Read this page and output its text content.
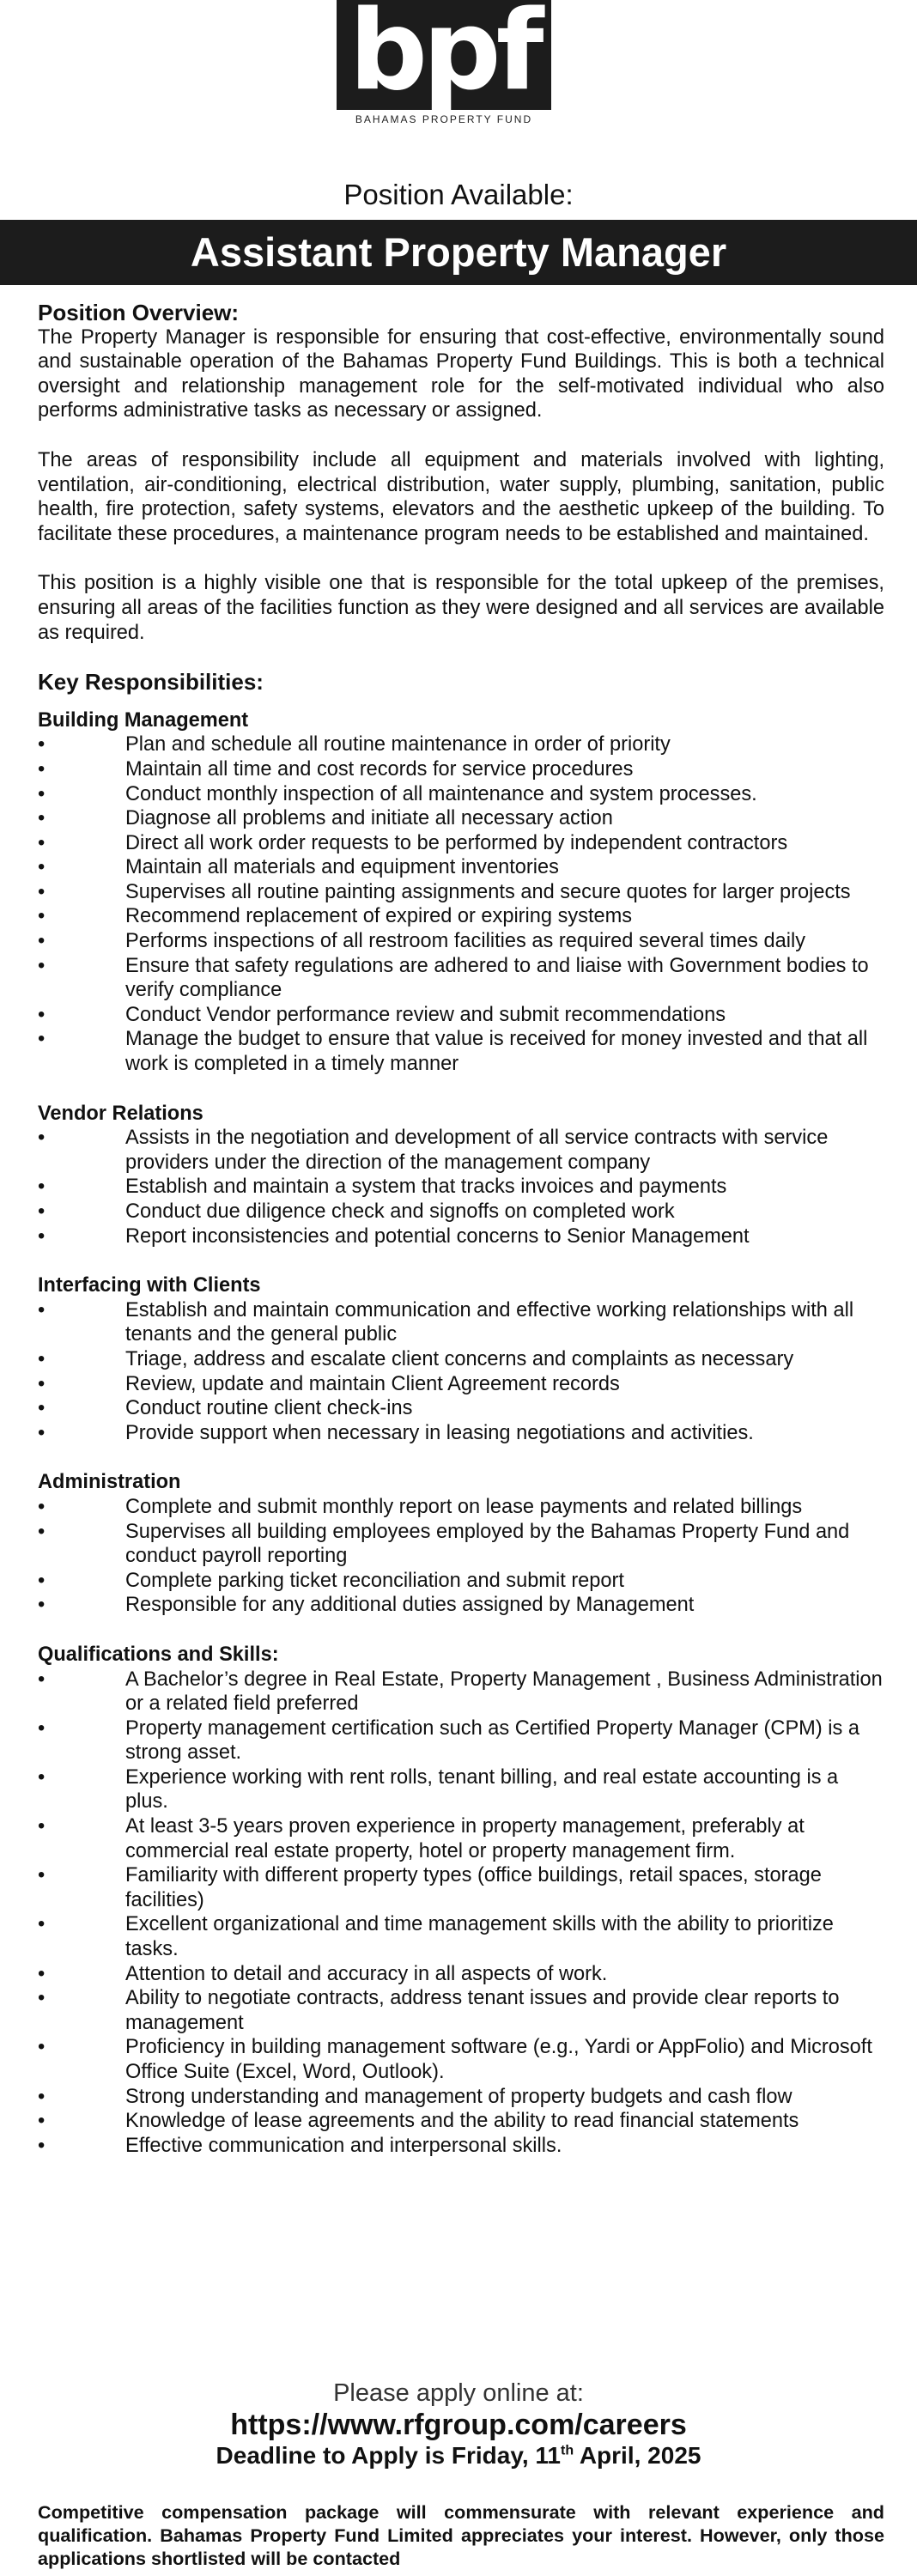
bpf
BAHAMAS PROPERTY FUND
Position Available:
Assistant Property Manager
Position Overview:

The Property Manager is responsible for ensuring that cost-effective, environmentally sound and sustainable operation of the Bahamas Property Fund Buildings. This is both a technical oversight and relationship management role for the self-motivated individual who also performs administrative tasks as necessary or assigned.

The areas of responsibility include all equipment and materials involved with lighting, ventilation, air-conditioning, electrical distribution, water supply, plumbing, sanitation, public health, fire protection, safety systems, elevators and the aesthetic upkeep of the building. To facilitate these procedures, a maintenance program needs to be established and maintained.

This position is a highly visible one that is responsible for the total upkeep of the premises, ensuring all areas of the facilities function as they were designed and all services are available as required.

Key Responsibilities:
Building Management
•	Plan and schedule all routine maintenance in order of priority
•	Maintain all time and cost records for service procedures
•	Conduct monthly inspection of all maintenance and system processes.
•	Diagnose all problems and initiate all necessary action
•	Direct all work order requests to be performed by independent contractors
•	Maintain all materials and equipment inventories
•	Supervises all routine painting assignments and secure quotes for larger projects
•	Recommend replacement of expired or expiring systems
•	Performs inspections of all restroom facilities as required several times daily
•	Ensure that safety regulations are adhered to and liaise with Government bodies to verify compliance
•	Conduct Vendor performance review and submit recommendations
•	Manage the budget to ensure that value is received for money invested and that all work is completed in a timely manner
Vendor Relations
•	Assists in the negotiation and development of all service contracts with service providers under the direction of the management company
•	Establish and maintain a system that tracks invoices and payments
•	Conduct due diligence check and signoffs on completed work
•	Report inconsistencies and potential concerns to Senior Management
Interfacing with Clients
•	Establish and maintain communication and effective working relationships with all tenants and the general public
•	Triage, address and escalate client concerns and complaints as necessary
•	Review, update and maintain Client Agreement records
•	Conduct routine client check-ins
•	Provide support when necessary in leasing negotiations and activities.
Administration
•	Complete and submit monthly report on lease payments and related billings
•	Supervises all building employees employed by the Bahamas Property Fund and conduct payroll reporting
•	Complete parking ticket reconciliation and submit report
•	Responsible for any additional duties assigned by Management
Qualifications and Skills:
•	A Bachelor’s degree in Real Estate, Property Management , Business Administration or a related field preferred
•	Property management certification such as Certified Property Manager (CPM) is a strong asset.
•	Experience working with rent rolls, tenant billing, and real estate accounting is a plus.
•	At least 3-5 years proven experience in property management, preferably at commercial real estate property, hotel or property management firm.
•	Familiarity with different property types (office buildings, retail spaces, storage facilities)
•	Excellent organizational and time management skills with the ability to prioritize tasks.
•	Attention to detail and accuracy in all aspects of work.
•	Ability to negotiate contracts, address tenant issues and provide clear reports to management
•	Proficiency in building management software (e.g., Yardi or AppFolio) and Microsoft Office Suite (Excel, Word, Outlook).
•	Strong understanding and management of property budgets and cash flow
•	Knowledge of lease agreements and the ability to read financial statements
•	Effective communication and interpersonal skills.
Please apply online at:
https://www.rfgroup.com/careers
Deadline to Apply is Friday, 11th April, 2025
Competitive compensation package will commensurate with relevant experience and qualification. Bahamas Property Fund Limited appreciates your interest. However, only those applications shortlisted will be contacted
